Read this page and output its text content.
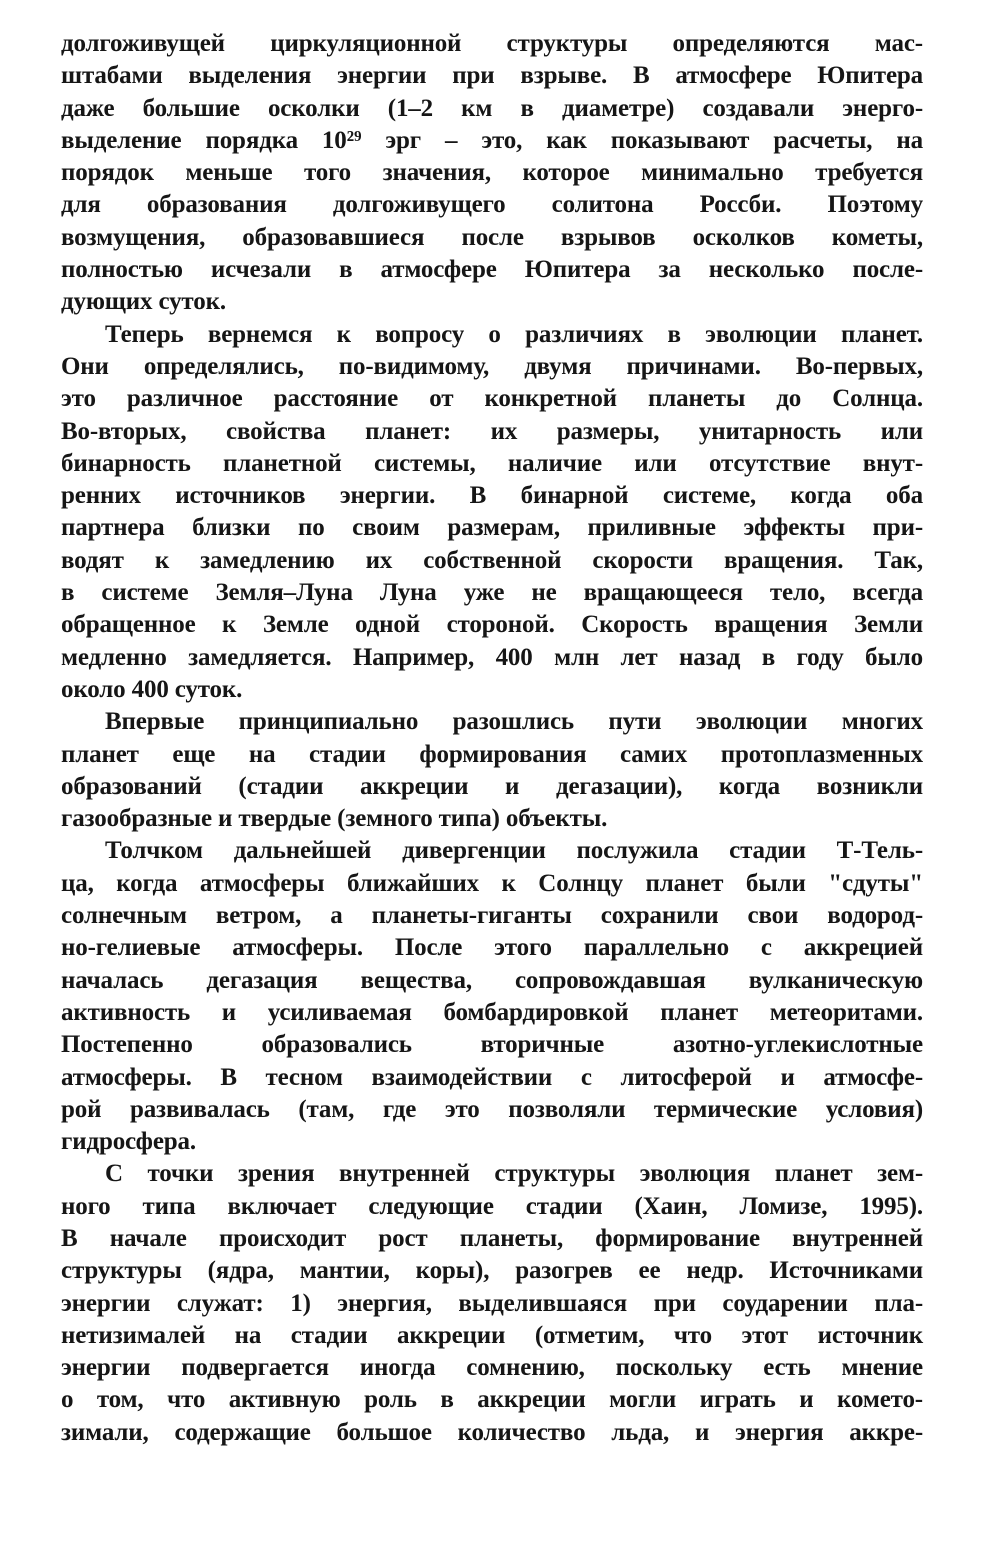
долгоживущей циркуляционной структуры определяются мас-
штабами выделения энергии при взрыве. В атмосфере Юпитера
даже большие осколки (1–2 км в диаметре) создавали энерго-
выделение порядка 10²⁹ эрг – это, как показывают расчеты, на
порядок меньше того значения, которое минимально требуется
для образования долгоживущего солитона Россби. Поэтому
возмущения, образовавшиеся после взрывов осколков кометы,
полностью исчезали в атмосфере Юпитера за несколько после-
дующих суток.
Теперь вернемся к вопросу о различиях в эволюции планет.
Они определялись, по-видимому, двумя причинами. Во-первых,
это различное расстояние от конкретной планеты до Солнца.
Во-вторых, свойства планет: их размеры, унитарность или
бинарность планетной системы, наличие или отсутствие внут-
ренних источников энергии. В бинарной системе, когда оба
партнера близки по своим размерам, приливные эффекты при-
водят к замедлению их собственной скорости вращения. Так,
в системе Земля–Луна Луна уже не вращающееся тело, всегда
обращенное к Земле одной стороной. Скорость вращения Земли
медленно замедляется. Например, 400 млн лет назад в году было
около 400 суток.
Впервые принципиально разошлись пути эволюции многих
планет еще на стадии формирования самих протоплазменных
образований (стадии аккреции и дегазации), когда возникли
газообразные и твердые (земного типа) объекты.
Толчком дальнейшей дивергенции послужила стадии Т-Тель-
ца, когда атмосферы ближайших к Солнцу планет были "сдуты"
солнечным ветром, а планеты-гиганты сохранили свои водород-
но-гелиевые атмосферы. После этого параллельно с аккрецией
началась дегазация вещества, сопровождавшая вулканическую
активность и усиливаемая бомбардировкой планет метеоритами.
Постепенно образовались вторичные азотно-углекислотные
атмосферы. В тесном взаимодействии с литосферой и атмосфе-
рой развивалась (там, где это позволяли термические условия)
гидросфера.
С точки зрения внутренней структуры эволюция планет зем-
ного типа включает следующие стадии (Хаин, Ломизе, 1995).
В начале происходит рост планеты, формирование внутренней
структуры (ядра, мантии, коры), разогрев ее недр. Источниками
энергии служат: 1) энергия, выделившаяся при соударении пла-
нетизималей на стадии аккреции (отметим, что этот источник
энергии подвергается иногда сомнению, поскольку есть мнение
о том, что активную роль в аккреции могли играть и комето-
зимали, содержащие большое количество льда, и энергия аккре-
